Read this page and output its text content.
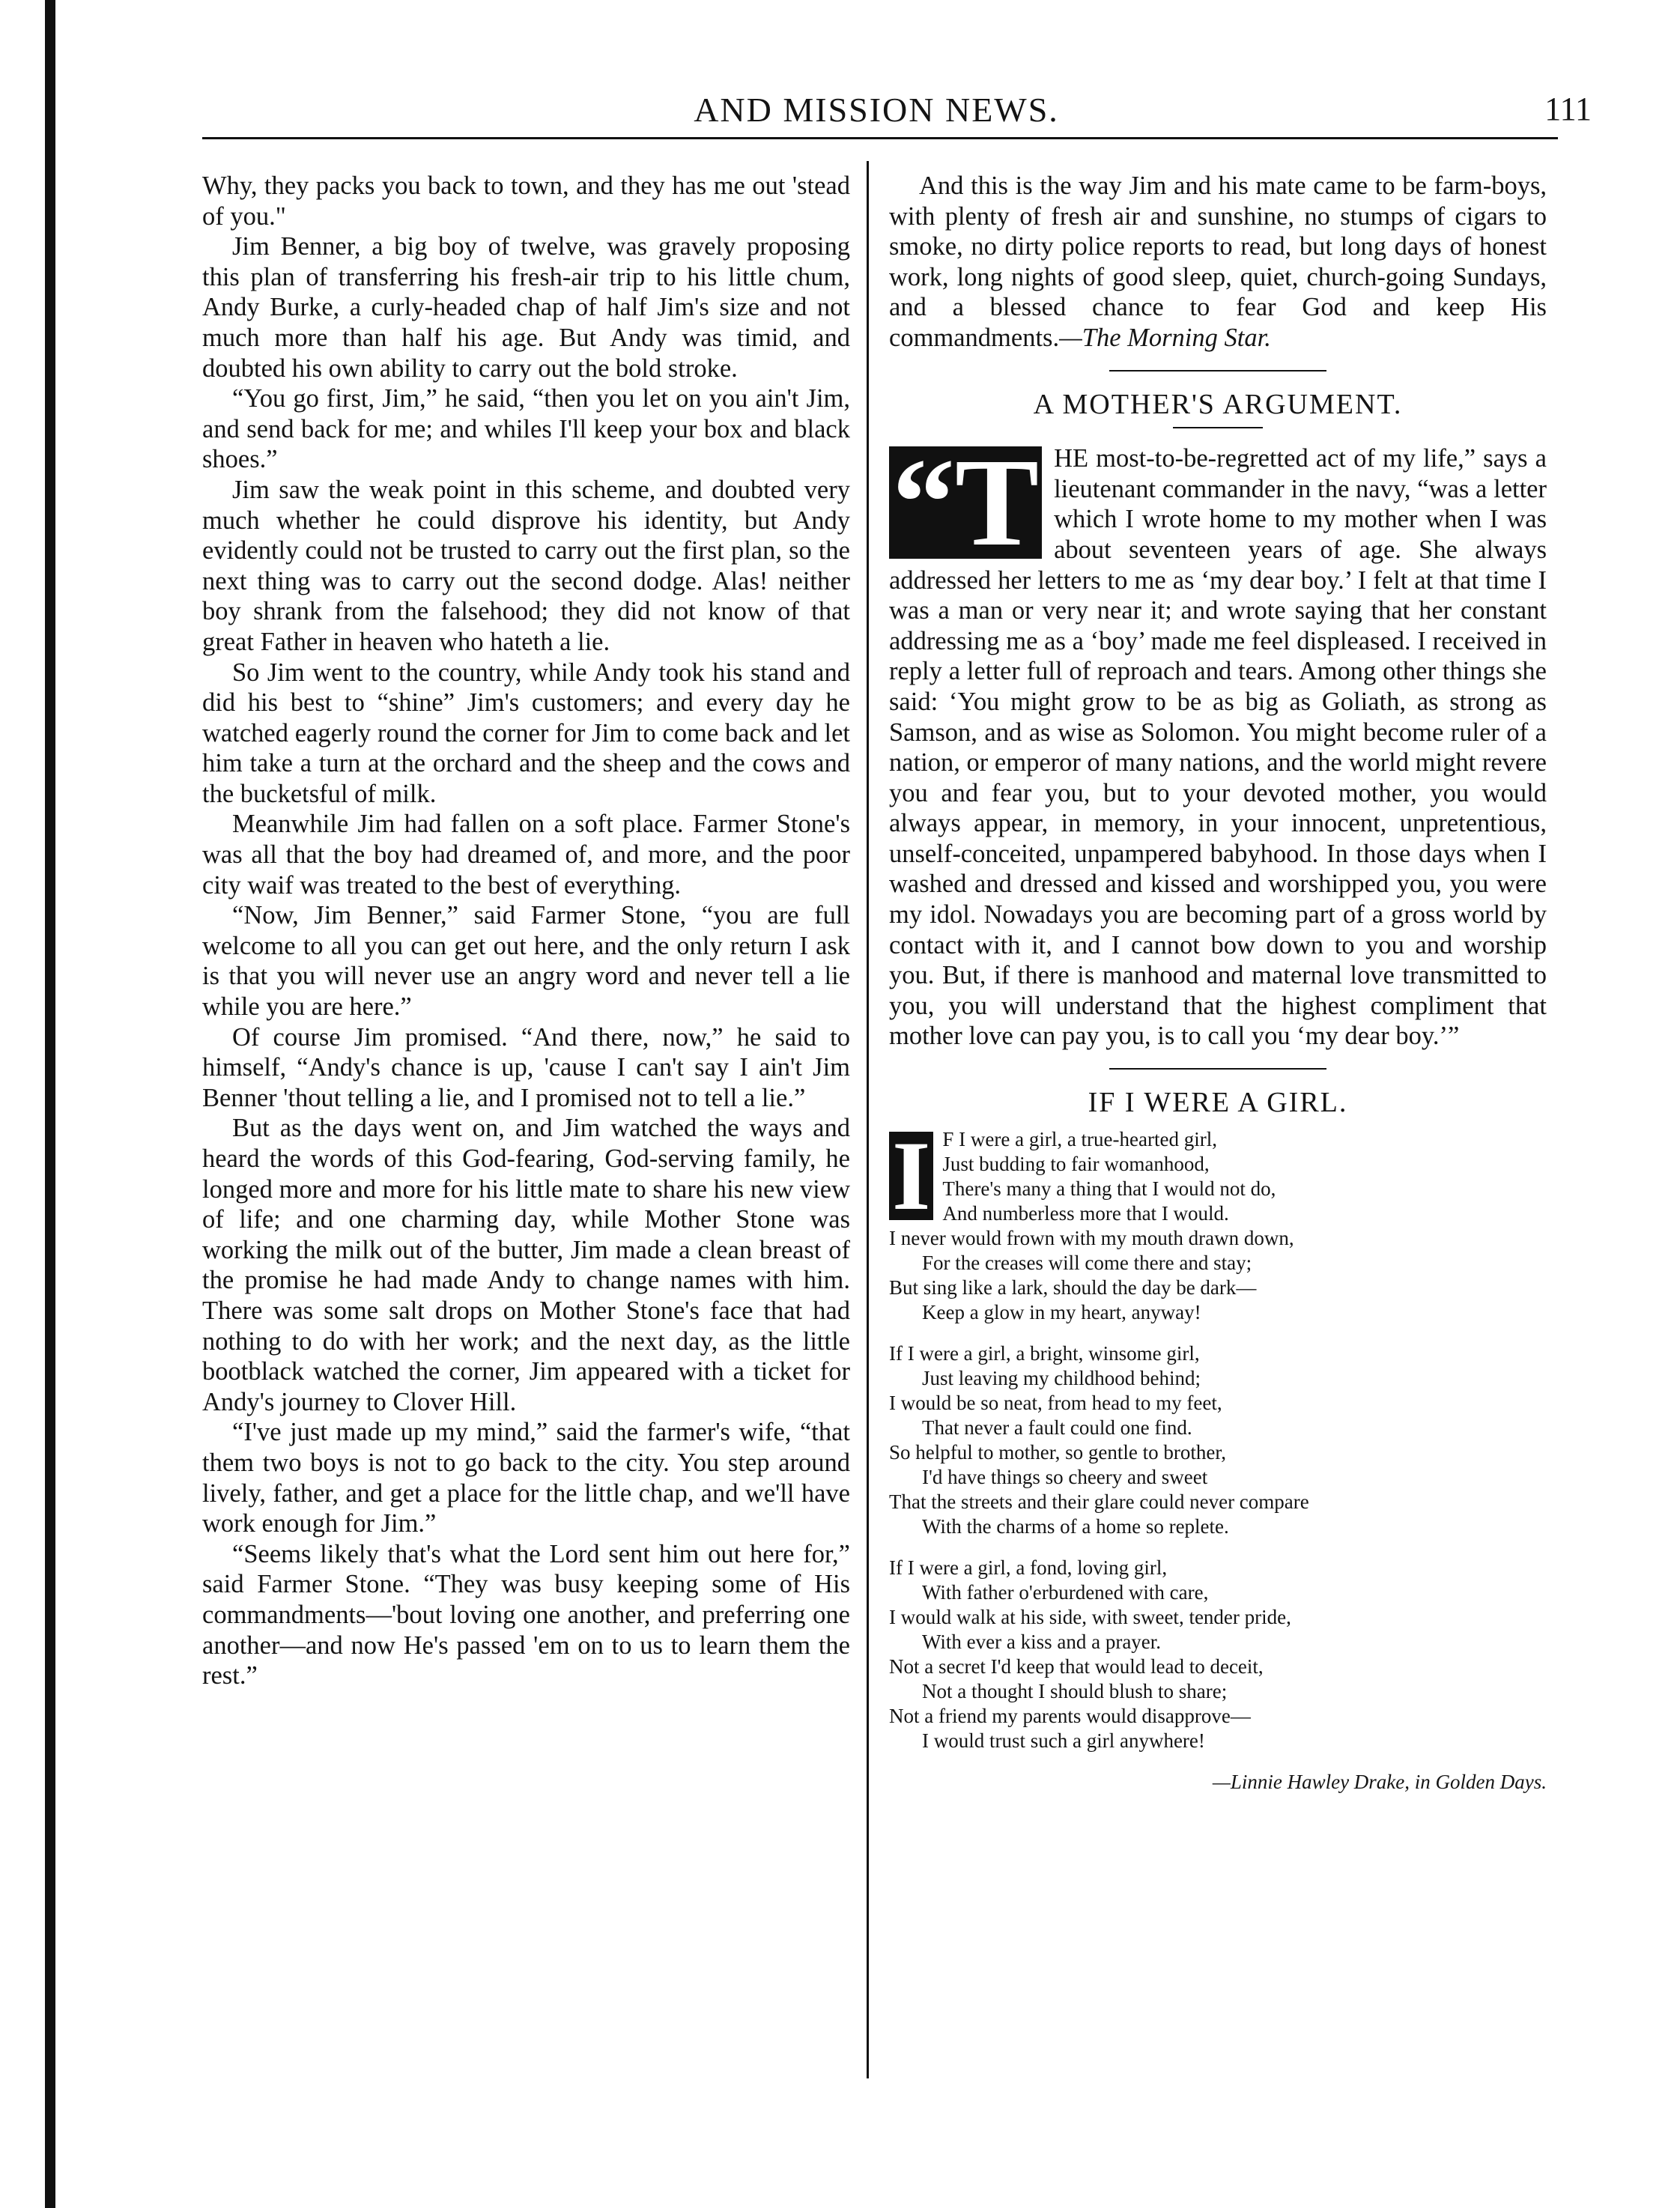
AND MISSION NEWS.	111

Why, they packs you back to town, and they has me out 'stead of you."

Jim Benner, a big boy of twelve, was gravely proposing this plan of transferring his fresh-air trip to his little chum, Andy Burke, a curly-headed chap of half Jim's size and not much more than half his age. But Andy was timid, and doubted his own ability to carry out the bold stroke.

“You go first, Jim,” he said, “then you let on you ain't Jim, and send back for me; and whiles I'll keep your box and black shoes.”

Jim saw the weak point in this scheme, and doubted very much whether he could disprove his identity, but Andy evidently could not be trusted to carry out the first plan, so the next thing was to carry out the second dodge. Alas! neither boy shrank from the falsehood; they did not know of that great Father in heaven who hateth a lie.

So Jim went to the country, while Andy took his stand and did his best to “shine” Jim's customers; and every day he watched eagerly round the corner for Jim to come back and let him take a turn at the orchard and the sheep and the cows and the bucketsful of milk.

Meanwhile Jim had fallen on a soft place. Farmer Stone's was all that the boy had dreamed of, and more, and the poor city waif was treated to the best of everything.

“Now, Jim Benner,” said Farmer Stone, “you are full welcome to all you can get out here, and the only return I ask is that you will never use an angry word and never tell a lie while you are here.”

Of course Jim promised. “And there, now,” he said to himself, “Andy's chance is up, 'cause I can't say I ain't Jim Benner 'thout telling a lie, and I promised not to tell a lie.”

But as the days went on, and Jim watched the ways and heard the words of this God-fearing, God-serving family, he longed more and more for his little mate to share his new view of life; and one charming day, while Mother Stone was working the milk out of the butter, Jim made a clean breast of the promise he had made Andy to change names with him. There was some salt drops on Mother Stone's face that had nothing to do with her work; and the next day, as the little bootblack watched the corner, Jim appeared with a ticket for Andy's journey to Clover Hill.

“I've just made up my mind,” said the farmer's wife, “that them two boys is not to go back to the city. You step around lively, father, and get a place for the little chap, and we'll have work enough for Jim.”

“Seems likely that's what the Lord sent him out here for,” said Farmer Stone. “They was busy keeping some of His commandments—'bout loving one another, and preferring one another—and now He's passed 'em on to us to learn them the rest.”

And this is the way Jim and his mate came to be farm-boys, with plenty of fresh air and sunshine, no stumps of cigars to smoke, no dirty police reports to read, but long days of honest work, long nights of good sleep, quiet, church-going Sundays, and a blessed chance to fear God and keep His commandments.—The Morning Star.

A MOTHER'S ARGUMENT.

“T HE most-to-be-regretted act of my life,” says a lieutenant commander in the navy, “was a letter which I wrote home to my mother when I was about seventeen years of age. She always addressed her letters to me as ‘my dear boy.’ I felt at that time I was a man or very near it; and wrote saying that her constant addressing me as a ‘boy’ made me feel displeased. I received in reply a letter full of reproach and tears. Among other things she said: ‘You might grow to be as big as Goliath, as strong as Samson, and as wise as Solomon. You might become ruler of a nation, or emperor of many nations, and the world might revere you and fear you, but to your devoted mother, you would always appear, in memory, in your innocent, unpretentious, unself-conceited, unpampered babyhood. In those days when I washed and dressed and kissed and worshipped you, you were my idol. Nowadays you are becoming part of a gross world by contact with it, and I cannot bow down to you and worship you. But, if there is manhood and maternal love transmitted to you, you will understand that the highest compliment that mother love can pay you, is to call you ‘my dear boy.’”

IF I WERE A GIRL.
I F I were a girl, a true-hearted girl,
Just budding to fair womanhood,
There's many a thing that I would not do,
And numberless more that I would.
I never would frown with my mouth drawn down,
For the creases will come there and stay;
But sing like a lark, should the day be dark—
Keep a glow in my heart, anyway!
If I were a girl, a bright, winsome girl,
Just leaving my childhood behind;
I would be so neat, from head to my feet,
That never a fault could one find.
So helpful to mother, so gentle to brother,
I'd have things so cheery and sweet
That the streets and their glare could never compare
With the charms of a home so replete.
If I were a girl, a fond, loving girl,
With father o'erburdened with care,
I would walk at his side, with sweet, tender pride,
With ever a kiss and a prayer.
Not a secret I'd keep that would lead to deceit,
Not a thought I should blush to share;
Not a friend my parents would disapprove—
I would trust such a girl anywhere!
—Linnie Hawley Drake, in Golden Days.
